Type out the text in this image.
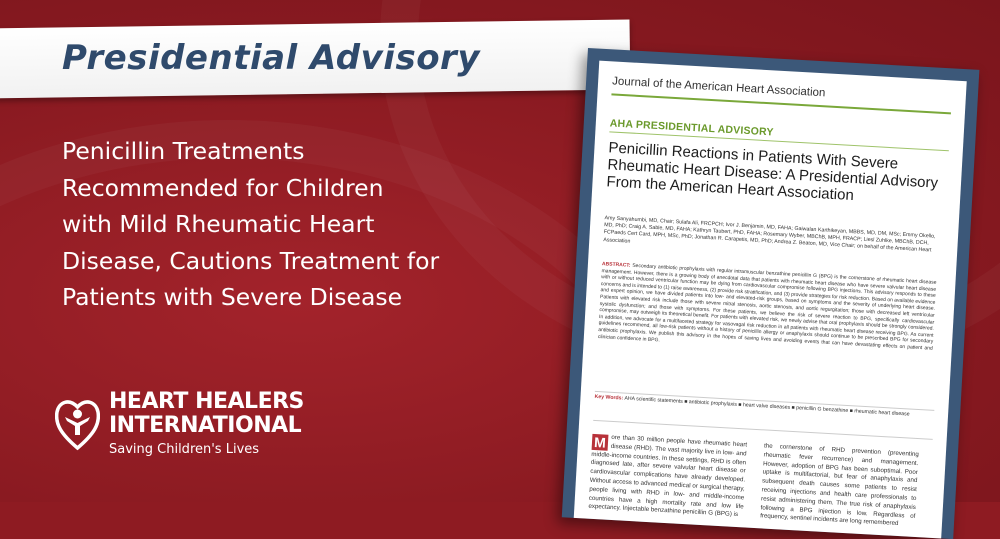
Presidential Advisory
Penicillin Treatments
Recommended for Children
with Mild Rheumatic Heart
Disease, Cautions Treatment for
Patients with Severe Disease
HEART HEALERS
INTERNATIONAL
Saving Children's Lives
Journal of the American Heart Association
AHA PRESIDENTIAL ADVISORY
Penicillin Reactions in Patients With Severe Rheumatic Heart Disease: A Presidential Advisory From the American Heart Association
Amy Sanyahumbi, MD, Chair; Sulafa Ali, FRCPCH; Ivor J. Benjamin, MD, FAHA; Gaiwalan Karthikeyan, MBBS, MD, DM, MSc; Emmy Okello, MD, PhD; Craig A. Sable, MD, FAHA; Kathryn Taubert, PhD, FAHA; Rosemary Wyber, MBChB, MPH, FRACP; Liesl Zuhlke, MBChB, DCH, FCPaeds Cert Card, MPH, MSc, PhD; Jonathan R. Carapetis, MD, PhD; Andrea Z. Beaton, MD, Vice Chair; on behalf of the American Heart Association
ABSTRACT: Secondary antibiotic prophylaxis with regular intramuscular benzathine penicillin G (BPG) is the cornerstone of rheumatic heart disease management. However, there is a growing body of anecdotal data that patients with rheumatic heart disease who have severe valvular heart disease with or without reduced ventricular function may be dying from cardiovascular compromise following BPG injections. This advisory responds to these concerns and is intended to (1) raise awareness, (2) provide risk stratification, and (3) provide strategies for risk reduction. Based on available evidence and expert opinion, we have divided patients into low- and elevated-risk groups, based on symptoms and the severity of underlying heart disease. Patients with elevated risk include those with severe mitral stenosis, aortic stenosis, and aortic regurgitation; those with decreased left ventricular systolic dysfunction; and those with symptoms. For these patients, we believe the risk of severe reaction to BPG, specifically cardiovascular compromise, may outweigh its theoretical benefit. For patients with elevated risk, we newly advise that oral prophylaxis should be strongly considered. In addition, we advocate for a multifaceted strategy for vasovagal risk reduction in all patients with rheumatic heart disease receiving BPG. As current guidelines recommend, all low-risk patients without a history of penicillin allergy or anaphylaxis should continue to be prescribed BPG for secondary antibiotic prophylaxis. We publish this advisory in the hopes of saving lives and avoiding events that can have devastating effects on patient and clinician confidence in BPG.
Key Words: AHA scientific statements ■ antibiotic prophylaxis ■ heart valve diseases ■ penicillin G benzathine ■ rheumatic heart disease
M ore than 30 million people have rheumatic heart disease (RHD). The vast majority live in low- and middle-income countries. In these settings, RHD is often diagnosed late, after severe valvular heart disease or cardiovascular complications have already developed. Without access to advanced medical or surgical therapy, people living with RHD in low- and middle-income countries have a high mortality rate and low life expectancy. Injectable benzathine penicillin G (BPG) is
the cornerstone of RHD prevention (preventing rheumatic fever recurrence) and management. However, adoption of BPG has been suboptimal. Poor uptake is multifactorial, but fear of anaphylaxis and subsequent death causes some patients to resist receiving injections and health care professionals to resist administering them. The true risk of anaphylaxis following a BPG injection is low. Regardless of frequency, sentinel incidents are long remembered
